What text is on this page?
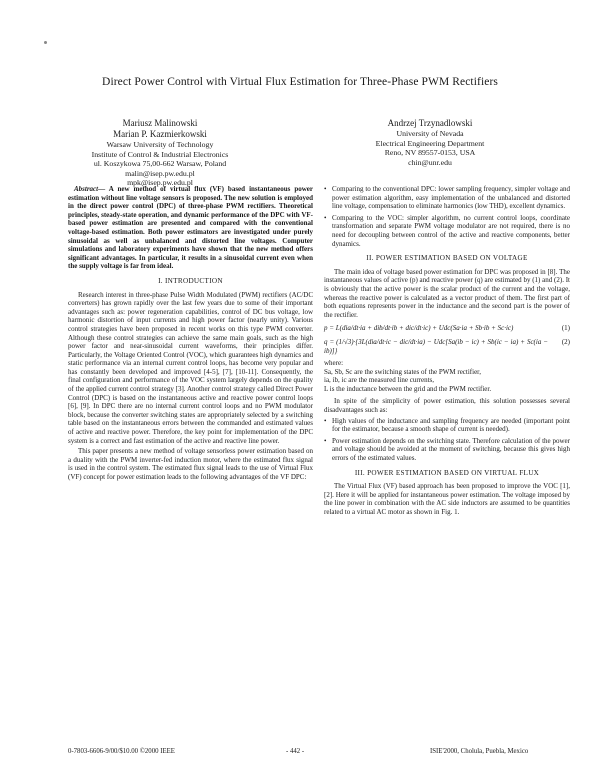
Direct Power Control with Virtual Flux Estimation for Three-Phase PWM Rectifiers
Mariusz Malinowski
Marian P. Kazmierkowski
Warsaw University of Technology
Institute of Control & Industrial Electronics
ul. Koszykowa 75,00-662 Warsaw, Poland
malin@isep.pw.edu.pl
mpk@isep.pw.edu.pl
Andrzej Trzynadlowski
University of Nevada
Electrical Engineering Department
Reno, NV 89557-0153, USA
chin@unr.edu
Abstract— A new method of virtual flux (VF) based instantaneous power estimation without line voltage sensors is proposed. The new solution is employed in the direct power control (DPC) of three-phase PWM rectifiers. Theoretical principles, steady-state operation, and dynamic performance of the DPC with VF-based power estimation are presented and compared with the conventional voltage-based estimation. Both power estimators are investigated under purely sinusoidal as well as unbalanced and distorted line voltages. Computer simulations and laboratory experiments have shown that the new method offers significant advantages. In particular, it results in a sinusoidal current even when the supply voltage is far from ideal.
I. INTRODUCTION

Research interest in three-phase Pulse Width Modulated (PWM) rectifiers (AC/DC converters) has grown rapidly over the last few years due to some of their important advantages such as: power regeneration capabilities, control of DC bus voltage, low harmonic distortion of input currents and high power factor (nearly unity). Various control strategies have been proposed in recent works on this type PWM converter. Although these control strategies can achieve the same main goals, such as the high power factor and near-sinusoidal current waveforms, their principles differ. Particularly, the Voltage Oriented Control (VOC), which guarantees high dynamics and static performance via an internal current control loops, has become very popular and has constantly been developed and improved [4-5], [7], [10-11]. Consequently, the final configuration and performance of the VOC system largely depends on the quality of the applied current control strategy [3]. Another control strategy called Direct Power Control (DPC) is based on the instantaneous active and reactive power control loops [6], [9]. In DPC there are no internal current control loops and no PWM modulator block, because the converter switching states are appropriately selected by a switching table based on the instantaneous errors between the commanded and estimated values of active and reactive power. Therefore, the key point for implementation of the DPC system is a correct and fast estimation of the active and reactive line power.

This paper presents a new method of voltage sensorless power estimation based on a duality with the PWM inverter-fed induction motor, where the estimated flux signal is used in the control system. The estimated flux signal leads to the use of Virtual Flux (VF) concept for power estimation leads to the following advantages of the VF DPC:

• Comparing to the conventional DPC: lower sampling frequency, simpler voltage and power estimation algorithm, easy implementation of the unbalanced and distorted line voltage, compensation to eliminate harmonics (low THD), excellent dynamics.
• Comparing to the VOC: simpler algorithm, no current control loops, coordinate transformation and separate PWM voltage modulator are not required, there is no need for decoupling between control of the active and reactive components, better dynamics.
II. POWER ESTIMATION BASED ON VOLTAGE

The main idea of voltage based power estimation for DPC was proposed in [8]. The instantaneous values of active (p) and reactive power (q) are estimated by (1) and (2). It is obviously that the active power is the scalar product of the current and the voltage, whereas the reactive power is calculated as a vector product of them. The first part of both equations represents power in the inductance and the second part is the power of the rectifier.

p = L(dia/dt·ia + dib/dt·ib + dic/dt·ic) + Udc(Sa·ia + Sb·ib + Sc·ic)	(1)
q = (1/√3)·{3L(dia/dt·ic − dic/dt·ia) − Udc[Sa(ib − ic) + Sb(ic − ia) + Sc(ia − ib)]}
(2)
where:
Sa, Sb, Sc are the switching states of the PWM rectifier,
ia, ib, ic are the measured line currents,
L is the inductance between the grid and the PWM rectifier.

In spite of the simplicity of power estimation, this solution possesses several disadvantages such as:

• High values of the inductance and sampling frequency are needed (important point for the estimator, because a smooth shape of current is needed).
• Power estimation depends on the switching state. Therefore calculation of the power and voltage should be avoided at the moment of switching, because this gives high errors of the estimated values.
III. POWER ESTIMATION BASED ON VIRTUAL FLUX

The Virtual Flux (VF) based approach has been proposed to improve the VOC [1], [2]. Here it will be applied for instantaneous power estimation. The voltage imposed by the line power in combination with the AC side inductors are assumed to be quantities related to a virtual AC motor as shown in Fig. 1.

0-7803-6606-9/00/$10.00 ©2000 IEEE	- 442 -	ISIE'2000, Cholula, Puebla, Mexico
